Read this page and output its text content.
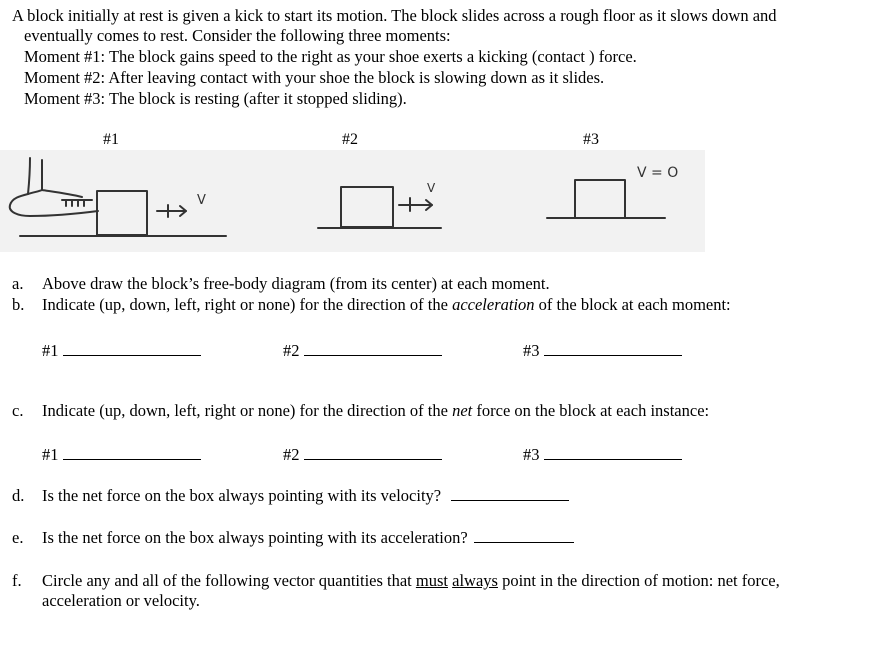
A block initially at rest is given a kick to start its motion. The block slides across a rough floor as it slows down and

eventually comes to rest. Consider the following three moments:

Moment #1: The block gains speed to the right as your shoe exerts a kicking (contact ) force.

Moment #2: After leaving contact with your shoe the block is slowing down as it slides.

Moment #3: The block is resting (after it stopped sliding).

#1	#2	#3
V
V
V = O
a. Above draw the block’s free-body diagram (from its center) at each moment.
b. Indicate (up, down, left, right or none) for the direction of the acceleration of the block at each moment:
#1	#2	#3
c. Indicate (up, down, left, right or none) for the direction of the net force on the block at each instance:
#1	#2	#3
d. Is the net force on the box always pointing with its velocity?
e. Is the net force on the box always pointing with its acceleration?
f. Circle any and all of the following vector quantities that must always point in the direction of motion: net force,
acceleration or velocity.
